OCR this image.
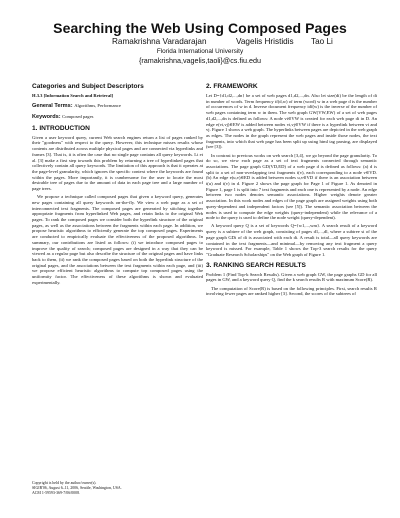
Searching the Web Using Composed Pages
Ramakrishna Varadarajan	Vagelis Hristidis Tao Li
Florida International University
{ramakrishna,vagelis,taoli}@cs.fiu.edu
Categories and Subject Descriptors
H.3.3 [Information Search and Retrieval]
General Terms: Algorithms, Performance
Keywords: Composed pages
1. INTRODUCTION

Given a user keyword query, current Web search engines return a list of pages ranked by their "goodness" with respect to the query. However, this technique misses results whose contents are distributed across multiple physical pages and are connected via hyperlinks and frames [3]. That is, it is often the case that no single page contains all query keywords. Li et al. [3] make a first step towards this problem by returning a tree of hyperlinked pages that collectively contain all query keywords. The limitation of this approach is that it operates at the page-level granularity, which ignores the specific context where the keywords are found within the pages. More importantly, it is cumbersome for the user to locate the most desirable tree of pages due to the amount of data in each page tree and a large number of page trees.

We propose a technique called composed pages that given a keyword query, generates new pages containing all query keywords on-the-fly. We view a web page as a set of interconnected text fragments. The composed pages are generated by stitching together appropriate fragments from hyperlinked Web pages, and retain links to the original Web pages. To rank the composed pages we consider both the hyperlink structure of the original pages, as well as the associations between the fragments within each page. In addition, we propose heuristic algorithms to efficiently generate the top composed pages. Experiments are conducted to empirically evaluate the effectiveness of the proposed algorithms. In summary, our contributions are listed as follows: (i) we introduce composed pages to improve the quality of search; composed pages are designed in a way that they can be viewed as a regular page but also describe the structure of the original pages and have links back to them, (ii) we rank the composed pages based on both the hyperlink structure of the original pages, and the associations between the text fragments within each page, and (iii) we propose efficient heuristic algorithms to compute top composed pages using the uniformity factor. The effectiveness of these algorithms is shown and evaluated experimentally.

Copyright is held by the author/owner(s).
SIGIR'06, August 6–11, 2006, Seattle, Washington, USA.
ACM 1-59593-369-7/06/0008.
2. FRAMEWORK

Let D={d1,d2,...,dn} be a set of web pages d1,d2,...,dn. Also let size(di) be the length of di in number of words. Term frequency tf(d,w) of term (word) w in a web page d is the number of occurrences of w in d. Inverse document frequency idf(w) is the inverse of the number of web pages containing term w in them. The web graph GW(VW,EW) of a set of web pages d1,d2,...,dn is defined as follows: A node vi∈VW is created for each web page di in D. An edge e(vi,vj)∈EW is added between nodes vi,vj∈VW if there is a hyperlink between vi and vj. Figure 1 shows a web graph. The hyperlinks between pages are depicted in the web graph as edges. The nodes in the graph represent the web pages and inside those nodes, the text fragments, into which that web page has been split up using html tag parsing, are displayed (see [3]).

In contrast to previous works on web search [3,4], we go beyond the page granularity. To do so, we view each page as a set of text fragments connected through semantic associations. The page graph GD(VD,ED) of a web page d is defined as follows: (a) d is split to a set of non-overlapping text fragments t(v), each corresponding to a node v∈VD. (b) An edge e(u,v)∈ED is added between nodes u,v∈VD if there is an association between t(u) and t(v) in d. Figure 2 shows the page graph for Page 1 of Figure 1. As denoted in Figure 1, page 1 is split into 7 text fragments and each one is represented by a node. An edge between two nodes denotes semantic associations. Higher weights denote greater association. In this work nodes and edges of the page graph are assigned weights using both query-dependent and independent factors (see [5]). The semantic association between the nodes is used to compute the edge weights (query-independent) while the relevance of a node to the query is used to define the node weight (query-dependent).

A keyword query Q is a set of keywords Q={w1,...,wm}. A search result of a keyword query is a subtree of the web graph, consisting of pages d1,...,dl, where a subtree si of the page graph GDi of di is associated with each di. A result is total—all query keywords are contained in the text fragments—and minimal—by removing any text fragment a query keyword is missed. For example, Table 1 shows the Top-3 search results for the query "Graduate Research Scholarships" on the Web graph of Figure 1.

3. RANKING SEARCH RESULTS

Problem 1 (Find Top-k Search Results). Given a web graph GW, the page graphs GD for all pages in GW, and a keyword query Q, find the k search results R with maximum Score(R).

The computation of Score(R) is based on the following principles. First, search results R involving fewer pages are ranked higher [3]. Second, the scores of the subtrees of
